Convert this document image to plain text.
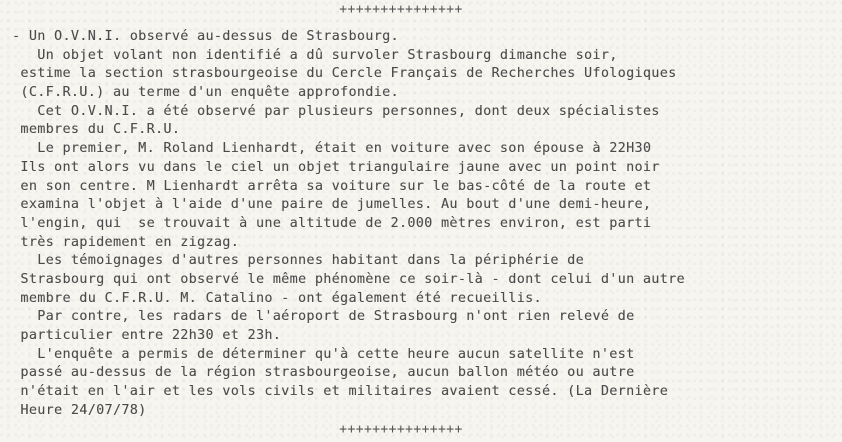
+++++++++++++++
- Un O.V.N.I. observé au-dessus de Strasbourg.
Un objet volant non identifié a dû survoler Strasbourg dimanche soir,
estime la section strasbourgeoise du Cercle Français de Recherches Ufologiques
(C.F.R.U.) au terme d'un enquête approfondie.
Cet O.V.N.I. a été observé par plusieurs personnes, dont deux spécialistes
membres du C.F.R.U.
Le premier, M. Roland Lienhardt, était en voiture avec son épouse à 22H30
Ils ont alors vu dans le ciel un objet triangulaire jaune avec un point noir
en son centre. M Lienhardt arrêta sa voiture sur le bas-côté de la route et
examina l'objet à l'aide d'une paire de jumelles. Au bout d'une demi-heure,
l'engin, qui  se trouvait à une altitude de 2.000 mètres environ, est parti
très rapidement en zigzag.
Les témoignages d'autres personnes habitant dans la périphérie de
Strasbourg qui ont observé le même phénomène ce soir-là - dont celui d'un autre
membre du C.F.R.U. M. Catalino - ont également été recueillis.
Par contre, les radars de l'aéroport de Strasbourg n'ont rien relevé de
particulier entre 22h30 et 23h.
L'enquête a permis de déterminer qu'à cette heure aucun satellite n'est
passé au-dessus de la région strasbourgeoise, aucun ballon météo ou autre
n'était en l'air et les vols civils et militaires avaient cessé. (La Dernière
Heure 24/07/78)
+++++++++++++++
